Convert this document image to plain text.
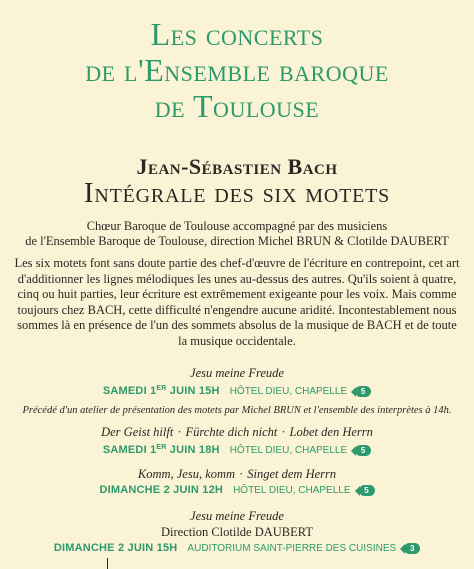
Les concerts
de l'Ensemble baroque
de Toulouse
Jean-Sébastien Bach
Intégrale des six motets
Chœur Baroque de Toulouse accompagné par des musiciens
de l'Ensemble Baroque de Toulouse, direction Michel BRUN & Clotilde DAUBERT
Les six motets font sans doute partie des chef-d'œuvre de l'écriture en contrepoint, cet art d'additionner les lignes mélodiques les unes au-dessus des autres. Qu'ils soient à quatre, cinq ou huit parties, leur écriture est extrêmement exigeante pour les voix. Mais comme toujours chez BACH, cette difficulté n'engendre aucune aridité. Incontestablement nous sommes là en présence de l'un des sommets absolus de la musique de BACH et de toute la musique occidentale.
Jesu meine Freude
SAMEDI 1ER JUIN 15H HÔTEL DIEU, CHAPELLE 5
Précédé d'un atelier de présentation des motets par Michel BRUN et l'ensemble des interprètes à 14h.
Der Geist hilft · Fürchte dich nicht · Lobet den Herrn
SAMEDI 1ER JUIN 18H HÔTEL DIEU, CHAPELLE 5
Komm, Jesu, komm · Singet dem Herrn
DIMANCHE 2 JUIN 12H HÔTEL DIEU, CHAPELLE 5
Jesu meine Freude
Direction Clotilde DAUBERT
DIMANCHE 2 JUIN 15H AUDITORIUM SAINT-PIERRE DES CUISINES 3
